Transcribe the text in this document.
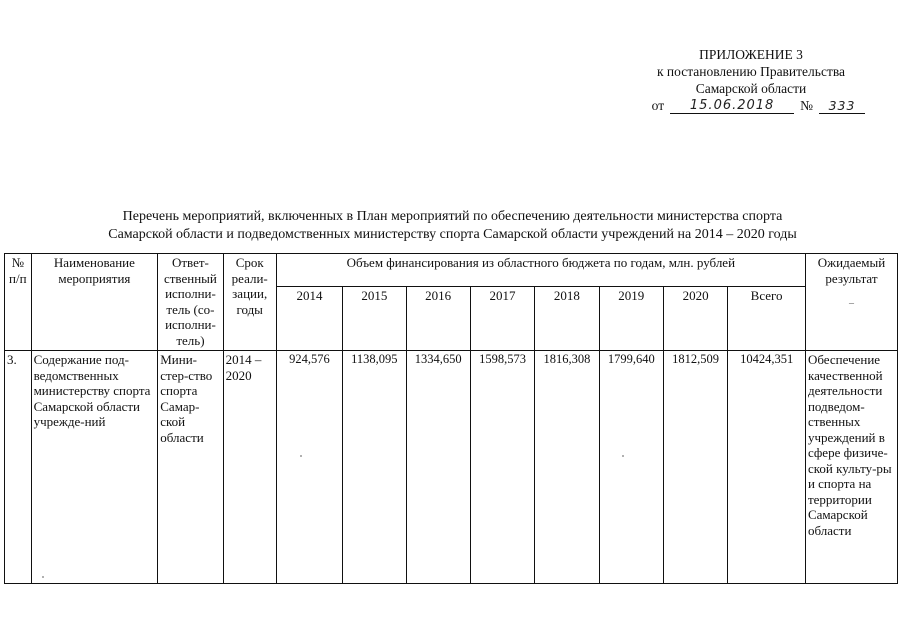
ПРИЛОЖЕНИЕ 3
к постановлению Правительства
Самарской области
от	15.06.2018	№	333
Перечень мероприятий, включенных в План мероприятий по обеспечению деятельности министерства спорта
Самарской области и подведомственных министерству спорта Самарской области учреждений на 2014 – 2020 годы
№ п/п	Наименование мероприятия	Ответ-ственный исполни-тель (со-исполни-тель)	Срок реали-зации, годы	Объем финансирования из областного бюджета по годам, млн. рублей								Ожидаемый результат
–

				2014	2015	2016	2017	2018	2019	2020	Всего	
3.	Содержание под-ведомственных министерству спорта Самарской области учрежде-ний	Мини-стер-ство спорта Самар-ской области	2014 – 2020	924,576	1138,095	1334,650	1598,573	1816,308	1799,640	1812,509	10424,351	Обеспечение качественной деятельности подведом-ственных учреждений в сфере физиче-ской культу-ры и спорта на территории Самарской области
